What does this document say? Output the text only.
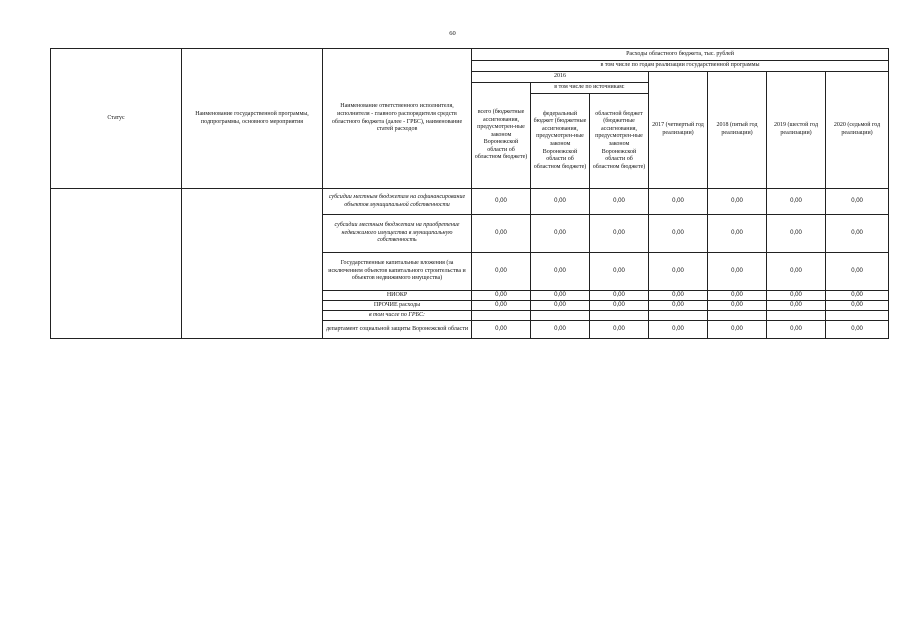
60
Статус	Наименование государственной программы, подпрограммы, основного мероприятия	Наименование ответственного исполнителя, исполнителя - главного распорядителя средств областного бюджета (далее - ГРБС), наименование статей расходов	Расходы областного бюджета, тыс. рублей						
			в том числе по годам реализации государственной программы						
			2016			2017 (четвертый год реализации)	2018 (пятый год реализации)	2019 (шестой год реализации)	2020 (седьмой год реализации)
			всего (бюджетные ассигнования, предусмотрен-ные законом Воронежской области об областном бюджете)	в том числе по источникам:					
				федеральный бюджет (бюджетные ассигнования, предусмотрен-ные законом Воронежской области об областном бюджете)	областной бюджет (бюджетные ассигнования, предусмотрен-ные законом Воронежской области об областном бюджете)				
		субсидии местным бюджетам на софинансирование объектов муниципальной собственности	0,00	0,00	0,00	0,00	0,00	0,00	0,00
		субсидии местным бюджетам на приобретение недвижимого имущества в муниципальную собственность	0,00	0,00	0,00	0,00	0,00	0,00	0,00
		Государственные капитальные вложения (за исключением объектов капитального строительства и объектов недвижимого имущества)	0,00	0,00	0,00	0,00	0,00	0,00	0,00
		НИОКР	0,00	0,00	0,00	0,00	0,00	0,00	0,00
		ПРОЧИЕ расходы	0,00	0,00	0,00	0,00	0,00	0,00	0,00
		в том числе по ГРБС:							
		департамент социальной защиты Воронежской области	0,00	0,00	0,00	0,00	0,00	0,00	0,00
